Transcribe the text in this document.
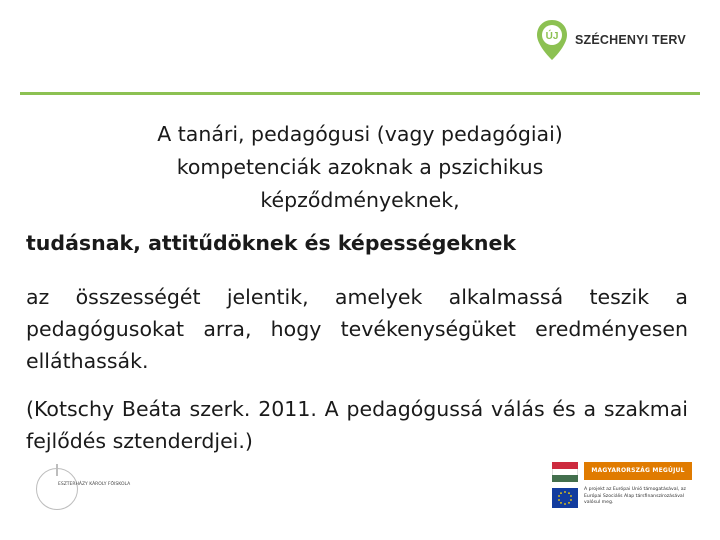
ÚJ SZÉCHENYI TERV
A tanári, pedagógusi (vagy pedagógiai)
kompetenciák azoknak a pszichikus
képződményeknek,
tudásnak, attitűdöknek és képességeknek
az összességét jelentik, amelyek alkalmassá teszik a pedagógusokat arra, hogy tevékenységüket eredményesen elláthassák.
(Kotschy Beáta szerk. 2011. A pedagógussá válás és a szakmai fejlődés sztenderdjei.)
ESZTERHÁZY KÁROLY FŐISKOLA
MAGYARORSZÁG MEGÚJUL
A projekt az Európai Unió támogatásával, az Európai Szociális Alap társfinanszírozásával valósul meg.
